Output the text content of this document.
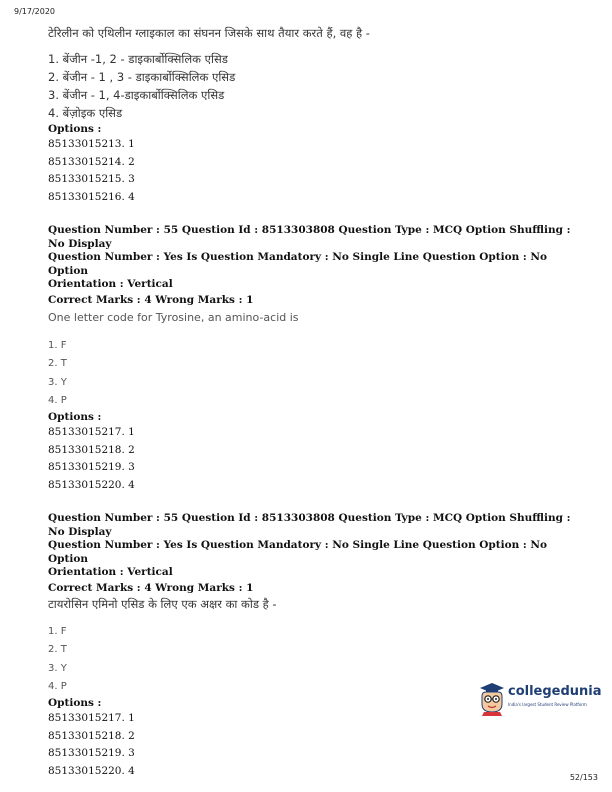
9/17/2020
टेरिलीन को एथिलीन ग्लाइकाल का संघनन जिसके साथ तैयार करते हैं, वह है -
1. बेंजीन -1, 2 - डाइकार्बोक्सिलिक एसिड
2. बेंजीन - 1 , 3 - डाइकार्बोक्सिलिक एसिड
3. बेंजीन - 1, 4-डाइकार्बोक्सिलिक एसिड
4. बेंज़ोइक एसिड
Options :
85133015213. 1
85133015214. 2
85133015215. 3
85133015216. 4
Question Number : 55 Question Id : 8513303808 Question Type : MCQ Option Shuffling : No Display
Question Number : Yes Is Question Mandatory : No Single Line Question Option : No Option
Orientation : Vertical
Correct Marks : 4 Wrong Marks : 1
One letter code for Tyrosine, an amino-acid is
1. F
2. T
3. Y
4. P
Options :
85133015217. 1
85133015218. 2
85133015219. 3
85133015220. 4
Question Number : 55 Question Id : 8513303808 Question Type : MCQ Option Shuffling : No Display
Question Number : Yes Is Question Mandatory : No Single Line Question Option : No Option
Orientation : Vertical
Correct Marks : 4 Wrong Marks : 1
टायरोसिन एमिनो एसिड के लिए एक अक्षर का कोड है -
1. F
2. T
3. Y
4. P
Options :
85133015217. 1
85133015218. 2
85133015219. 3
85133015220. 4
collegedunia
India's largest Student Review Platform
52/153
